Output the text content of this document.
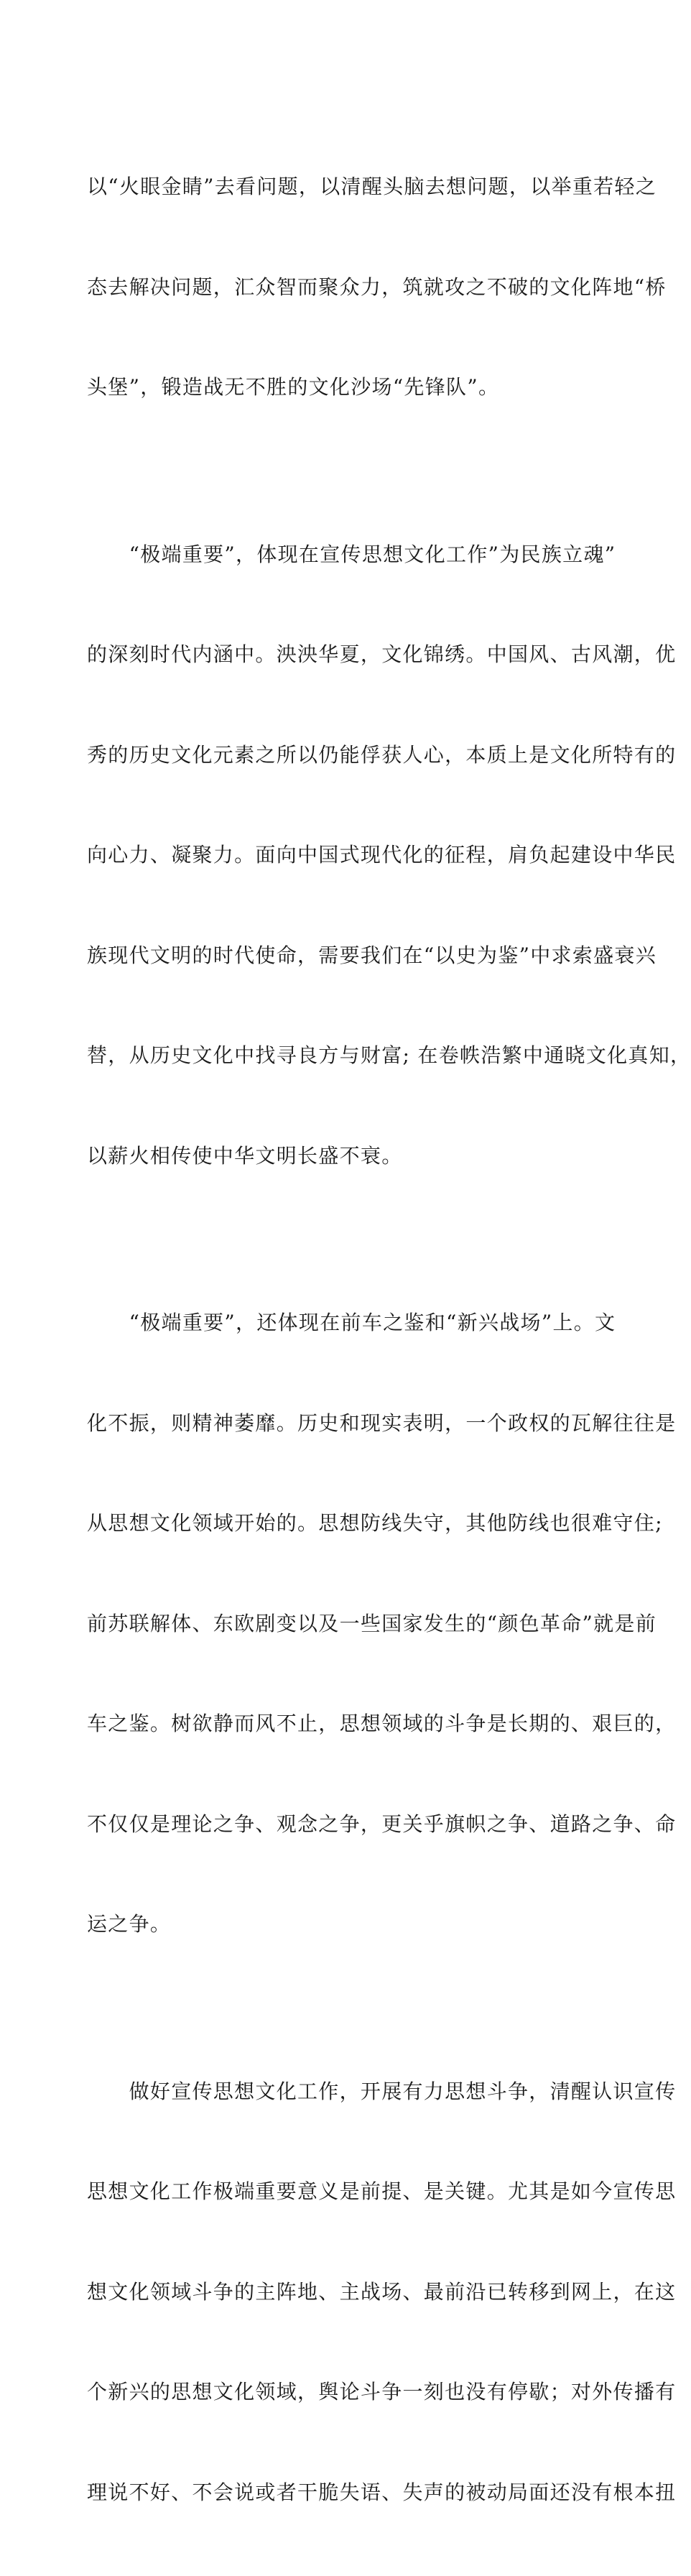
以“火眼金睛”去看问题，以清醒头脑去想问题，以举重若轻之

态去解决问题，汇众智而聚众力，筑就攻之不破的文化阵地“桥

头堡”，锻造战无不胜的文化沙场“先锋队”。

　　“极端重要”，体现在宣传思想文化工作”为民族立魂”

的深刻时代内涵中。泱泱华夏，文化锦绣。中国风、古风潮，优

秀的历史文化元素之所以仍能俘获人心，本质上是文化所特有的

向心力、凝聚力。面向中国式现代化的征程，肩负起建设中华民

族现代文明的时代使命，需要我们在“以史为鉴”中求索盛衰兴

替，从历史文化中找寻良方与财富; 在卷帙浩繁中通晓文化真知，

以薪火相传使中华文明长盛不衰。

　　“极端重要”，还体现在前车之鉴和“新兴战场”上。文

化不振，则精神萎靡。历史和现实表明，一个政权的瓦解往往是

从思想文化领域开始的。思想防线失守，其他防线也很难守住;

前苏联解体、东欧剧变以及一些国家发生的“颜色革命”就是前

车之鉴。树欲静而风不止，思想领域的斗争是长期的、艰巨的，

不仅仅是理论之争、观念之争，更关乎旗帜之争、道路之争、命

运之争。

　　做好宣传思想文化工作，开展有力思想斗争，清醒认识宣传

思想文化工作极端重要意义是前提、是关键。尤其是如今宣传思

想文化领域斗争的主阵地、主战场、最前沿已转移到网上，在这

个新兴的思想文化领域，舆论斗争一刻也没有停歇；对外传播有

理说不好、不会说或者干脆失语、失声的被动局面还没有根本扭
